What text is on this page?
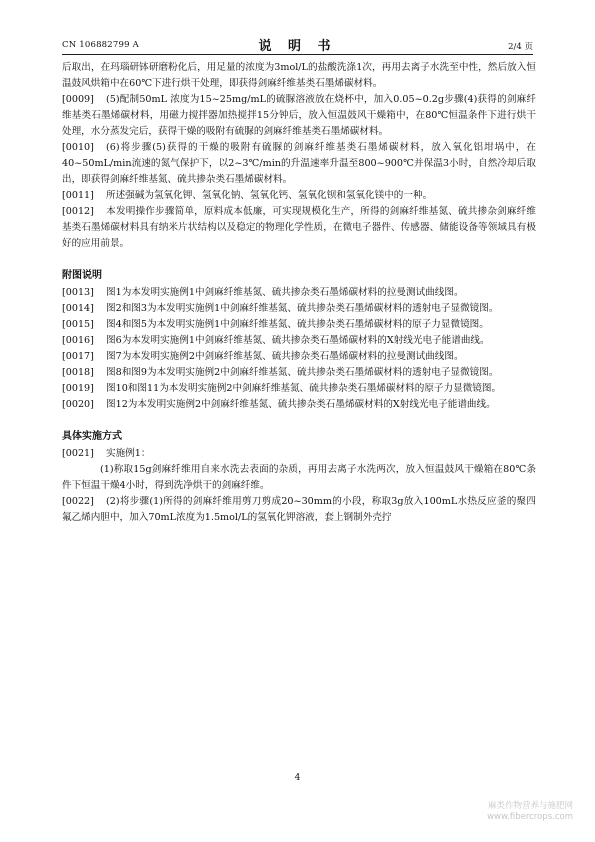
CN 106882799 A	说 明 书	2/4 页

后取出，在玛瑙研钵研磨粉化后，用足量的浓度为3mol/L的盐酸洗涤1次，再用去离子水洗至中性，然后放入恒温鼓风烘箱中在60℃下进行烘干处理，即获得剑麻纤维基类石墨烯碳材料。

[0009] (5)配制50mL 浓度为15~25mg/mL的硫脲溶液放在烧杯中，加入0.05~0.2g步骤(4)获得的剑麻纤维基类石墨烯碳材料，用磁力搅拌器加热搅拌15分钟后，放入恒温鼓风干燥箱中，在80℃恒温条件下进行烘干处理，水分蒸发完后，获得干燥的吸附有硫脲的剑麻纤维基类石墨烯碳材料。

[0010] (6)将步骤(5)获得的干燥的吸附有硫脲的剑麻纤维基类石墨烯碳材料，放入氧化铝坩埚中，在40~50mL/min流速的氮气保护下，以2~3℃/min的升温速率升温至800~900℃并保温3小时，自然冷却后取出，即获得剑麻纤维基氮、硫共掺杂类石墨烯碳材料。

[0011] 所述强碱为氢氧化钾、氢氧化钠、氢氧化钙、氢氧化钡和氢氧化镁中的一种。

[0012] 本发明操作步骤简单，原料成本低廉，可实现规模化生产，所得的剑麻纤维基氮、硫共掺杂剑麻纤维基类石墨烯碳材料具有纳米片状结构以及稳定的物理化学性质，在微电子器件、传感器、储能设备等领域具有极好的应用前景。

附图说明

[0013] 图1为本发明实施例1中剑麻纤维基氮、硫共掺杂类石墨烯碳材料的拉曼测试曲线图。

[0014] 图2和图3为本发明实施例1中剑麻纤维基氮、硫共掺杂类石墨烯碳材料的透射电子显微镜图。

[0015] 图4和图5为本发明实施例1中剑麻纤维基氮、硫共掺杂类石墨烯碳材料的原子力显微镜图。

[0016] 图6为本发明实施例1中剑麻纤维基氮、硫共掺杂类石墨烯碳材料的X射线光电子能谱曲线。

[0017] 图7为本发明实施例2中剑麻纤维基氮、硫共掺杂类石墨烯碳材料的拉曼测试曲线图。

[0018] 图8和图9为本发明实施例2中剑麻纤维基氮、硫共掺杂类石墨烯碳材料的透射电子显微镜图。

[0019] 图10和图11为本发明实施例2中剑麻纤维基氮、硫共掺杂类石墨烯碳材料的原子力显微镜图。

[0020] 图12为本发明实施例2中剑麻纤维基氮、硫共掺杂类石墨烯碳材料的X射线光电子能谱曲线。

具体实施方式

[0021] 实施例1：

(1)称取15g剑麻纤维用自来水洗去表面的杂质，再用去离子水洗两次，放入恒温鼓风干燥箱在80℃条件下恒温干燥4小时，得到洗净烘干的剑麻纤维。

[0022] (2)将步骤(1)所得的剑麻纤维用剪刀剪成20~30mm的小段，称取3g放入100mL水热反应釜的聚四氟乙烯内胆中，加入70mL浓度为1.5mol/L的氢氧化钾溶液，套上钢制外壳拧

4
麻类作物营养与施肥网
www.fibercrops.com
